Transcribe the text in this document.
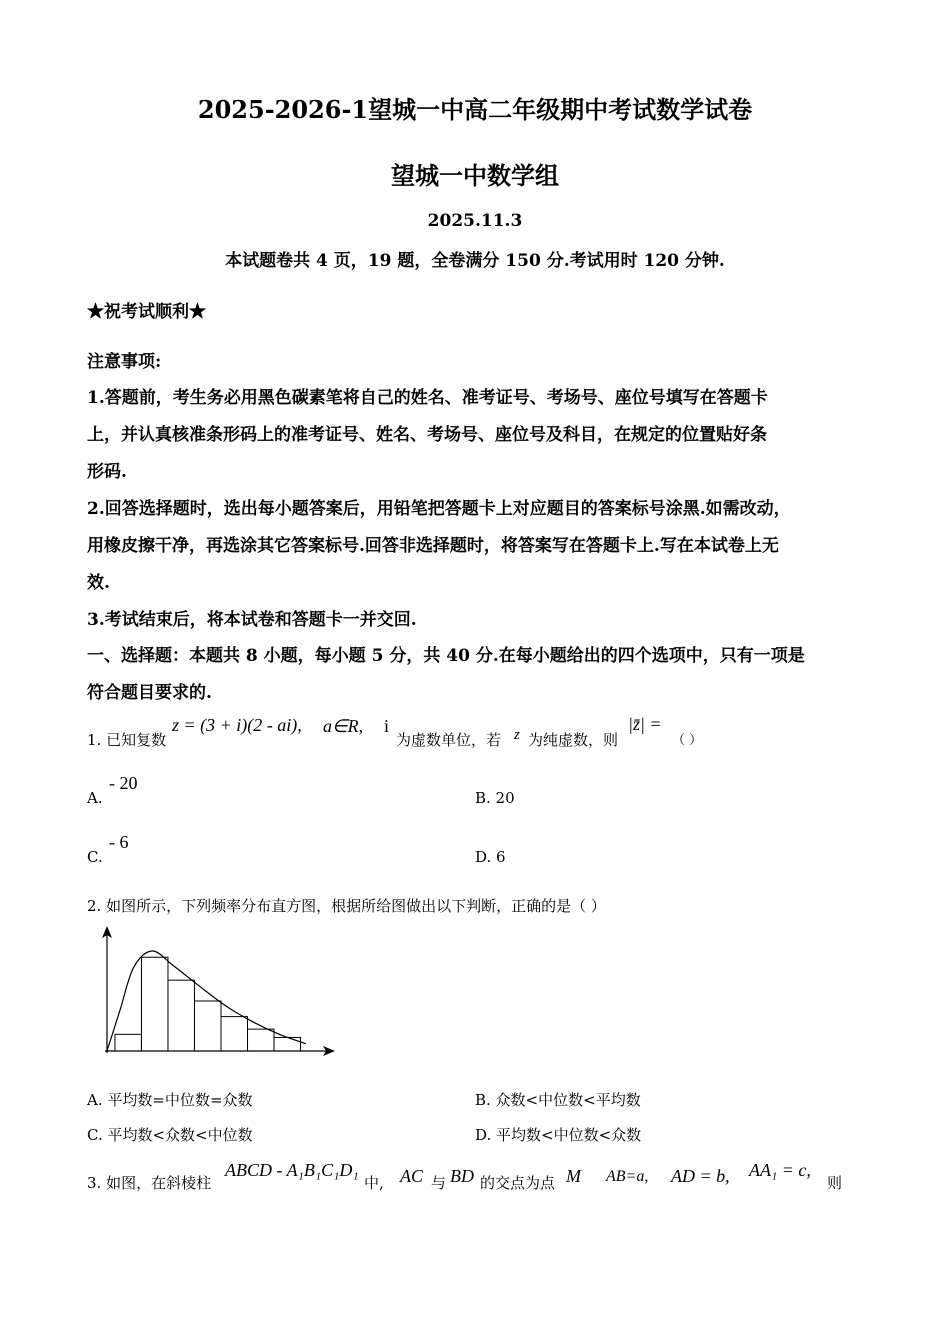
2025-2026-1望城一中高二年级期中考试数学试卷
望城一中数学组
2025.11.3
本试题卷共 4 页，19 题，全卷满分 150 分.考试用时 120 分钟.
★祝考试顺利★
注意事项:
1.答题前，考生务必用黑色碳素笔将自己的姓名、准考证号、考场号、座位号填写在答题卡
上，并认真核准条形码上的准考证号、姓名、考场号、座位号及科目，在规定的位置贴好条
形码.
2.回答选择题时，选出每小题答案后，用铅笔把答题卡上对应题目的答案标号涂黑.如需改动，
用橡皮擦干净，再选涂其它答案标号.回答非选择题时，将答案写在答题卡上.写在本试卷上无
效.
3.考试结束后，将本试卷和答题卡一并交回.
一、选择题：本题共 8 小题，每小题 5 分，共 40 分.在每小题给出的四个选项中，只有一项是
符合题目要求的.
1. 已知复数
z = (3 + i)(2 - ai), a∈R, i
为虚数单位，若 z 为纯虚数，则
|z̄| =
（ ）
A.
- 20
B. 20
C.
- 6
D. 6
2. 如图所示，下列频率分布直方图，根据所给图做出以下判断，正确的是（ ）
A. 平均数=中位数=众数	B. 众数<中位数<平均数
C. 平均数<众数<中位数	D. 平均数<中位数<众数
3. 如图，在斜棱柱
ABCD - A₁B₁C₁D₁
中, AC 与 BD 的交点为点 M AB=a, AD = b, AA₁ = c,
则
